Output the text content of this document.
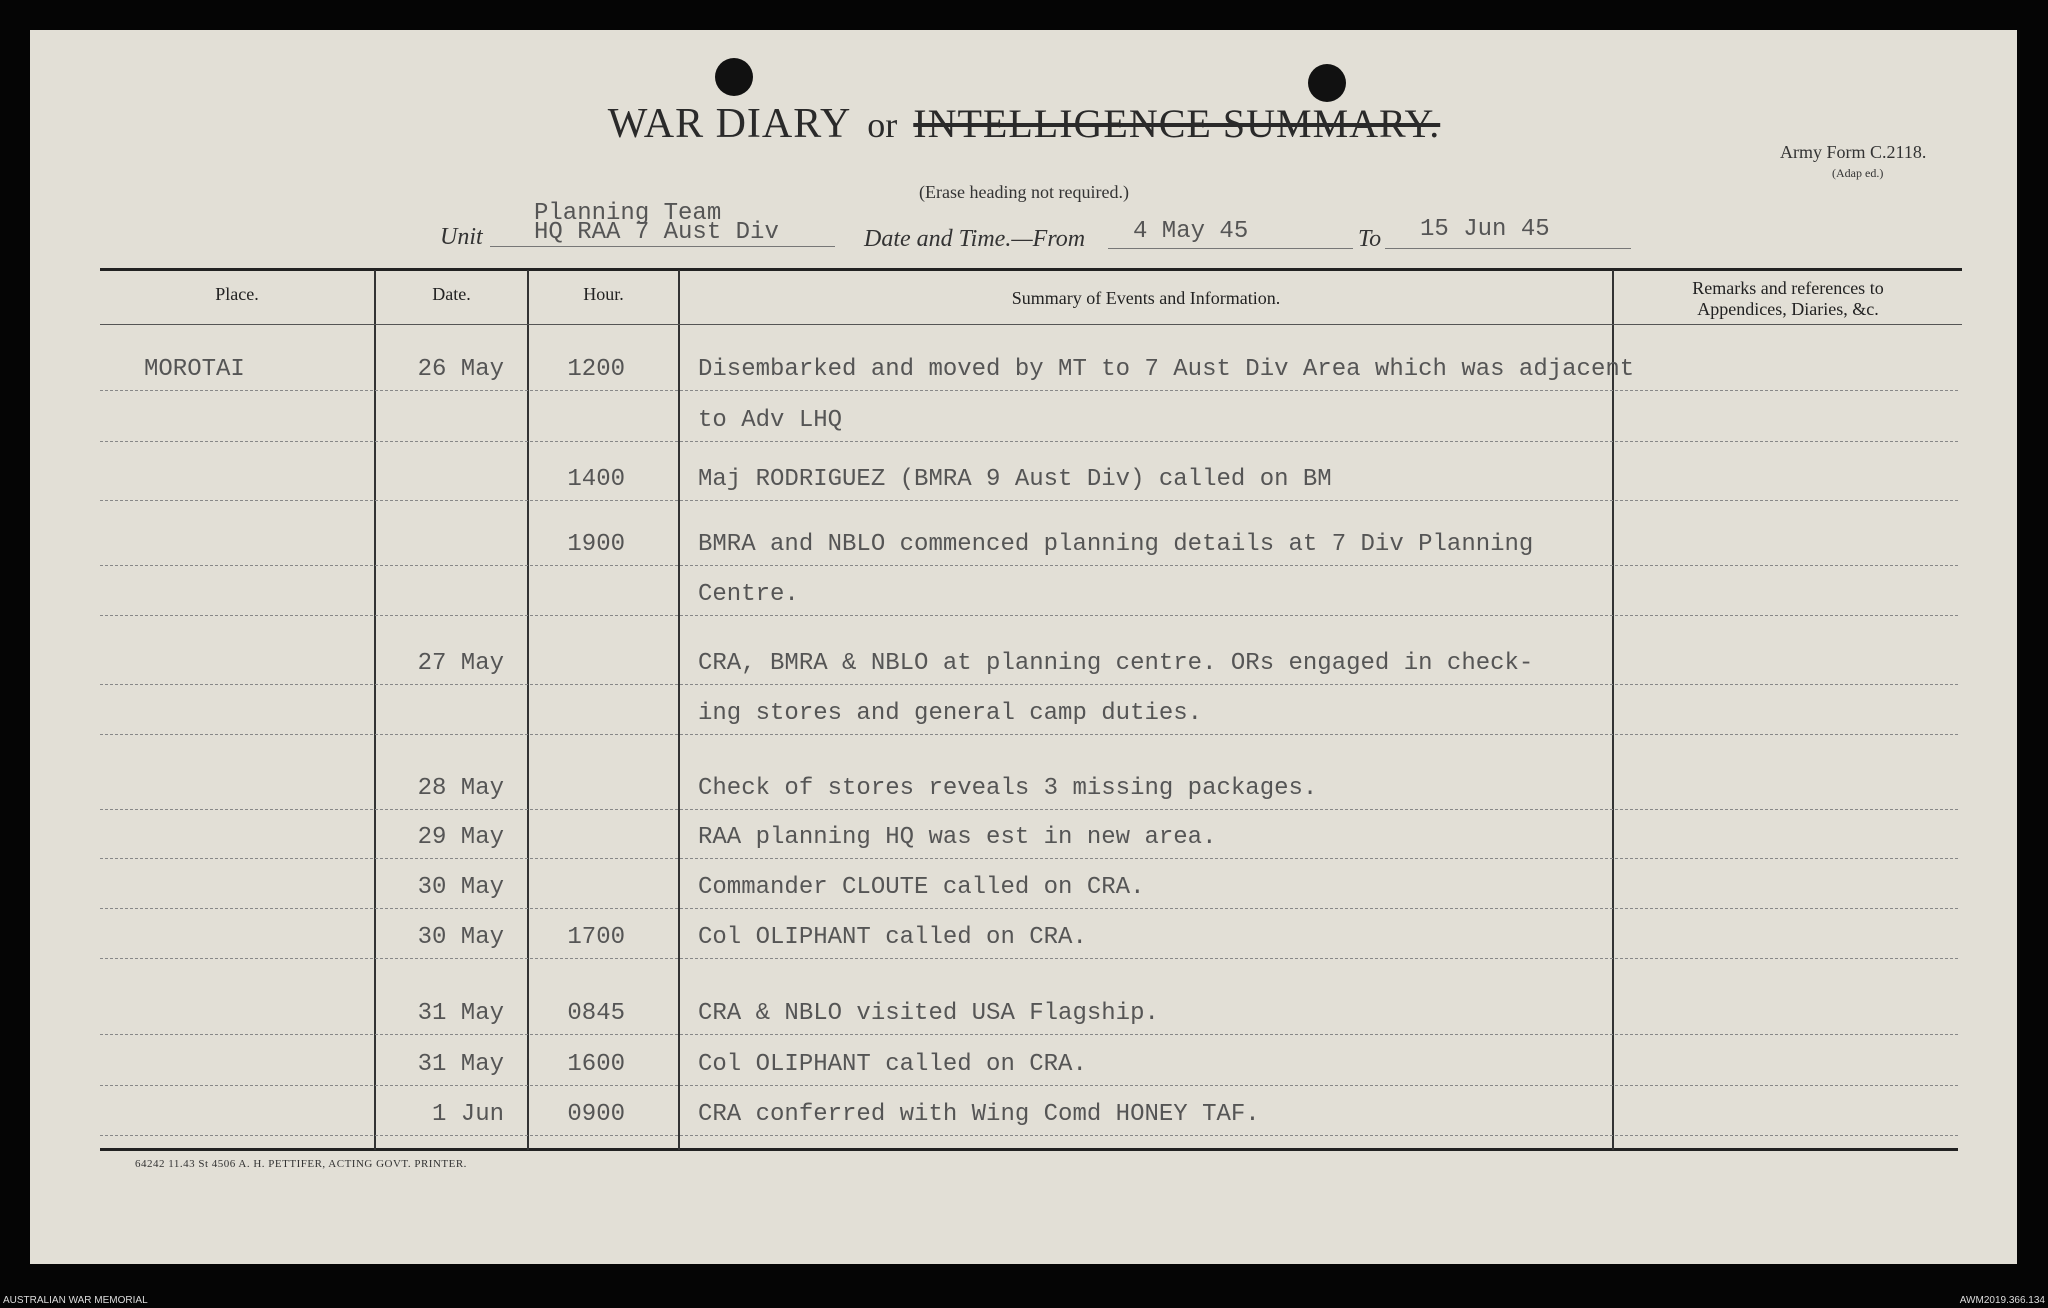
WAR DIARY or INTELLIGENCE SUMMARY.
(Erase heading not required.)
Army Form C.2118.
(Adap ed.)
Unit
Planning Team
HQ RAA 7 Aust Div	Date and Time.—From 4 May 45	To 15 Jun 45
Place.	Date.	Hour.	Summary of Events and Information.	Remarks and references to
Appendices, Diaries, &c.
MOROTAI	26 May	1200	Disembarked and moved by MT to 7 Aust Div Area which was adjacent
to Adv LHQ
1400	Maj RODRIGUEZ (BMRA 9 Aust Div) called on BM
1900	BMRA and NBLO commenced planning details at 7 Div Planning
Centre.
27 May	CRA, BMRA & NBLO at planning centre. ORs engaged in check-
ing stores and general camp duties.
28 May	Check of stores reveals 3 missing packages.
29 May	RAA planning HQ was est in new area.
30 May	Commander CLOUTE called on CRA.
30 May	1700	Col OLIPHANT called on CRA.
31 May	0845	CRA & NBLO visited USA Flagship.
31 May	1600	Col OLIPHANT called on CRA.
1 Jun	0900	CRA conferred with Wing Comd HONEY TAF.
64242 11.43 St 4506 A. H. PETTIFER, ACTING GOVT. PRINTER.
AUSTRALIAN WAR MEMORIAL	AWM2019.366.134
